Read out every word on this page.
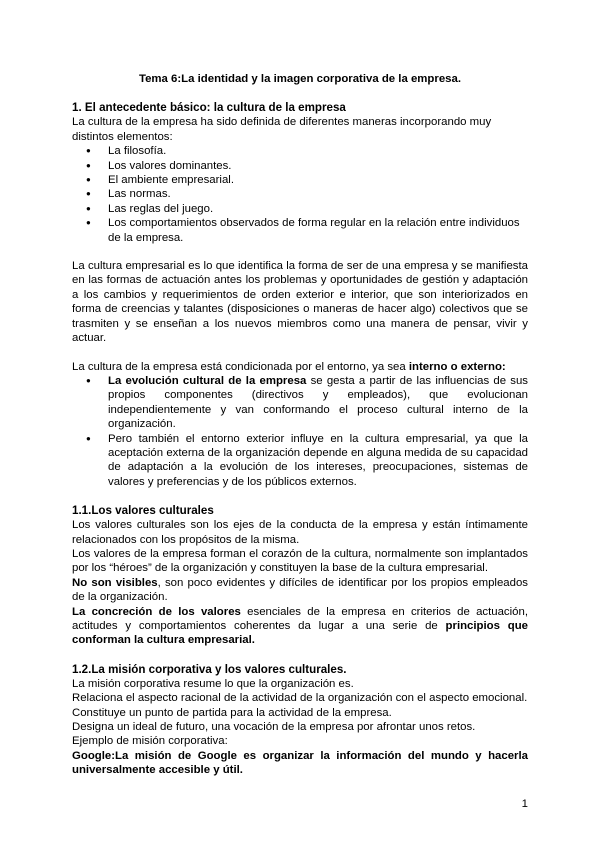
Tema 6:La identidad y la imagen corporativa de la empresa.

1. El antecedente básico: la cultura de la empresa

La cultura de la empresa ha sido definida de diferentes maneras incorporando muy distintos elementos:

● La filosofía.
● Los valores dominantes.
● El ambiente empresarial.
● Las normas.
● Las reglas del juego.
● Los comportamientos observados de forma regular en la relación entre individuos de la empresa.

La cultura empresarial es lo que identifica la forma de ser de una empresa y se manifiesta en las formas de actuación antes los problemas y oportunidades de gestión y adaptación a los cambios y requerimientos de orden exterior e interior, que son interiorizados en forma de creencias y talantes (disposiciones o maneras de hacer algo) colectivos que se trasmiten y se enseñan a los nuevos miembros como una manera de pensar, vivir y actuar.

La cultura de la empresa está condicionada por el entorno, ya sea interno o externo:

● La evolución cultural de la empresa se gesta a partir de las influencias de sus propios componentes (directivos y empleados), que evolucionan independientemente y van conformando el proceso cultural interno de la organización.
● Pero también el entorno exterior influye en la cultura empresarial, ya que la aceptación externa de la organización depende en alguna medida de su capacidad de adaptación a la evolución de los intereses, preocupaciones, sistemas de valores y preferencias y de los públicos externos.
1.1.Los valores culturales

Los valores culturales son los ejes de la conducta de la empresa y están íntimamente relacionados con los propósitos de la misma.

Los valores de la empresa forman el corazón de la cultura, normalmente son implantados por los “héroes” de la organización y constituyen la base de la cultura empresarial.

No son visibles, son poco evidentes y difíciles de identificar por los propios empleados de la organización.

La concreción de los valores esenciales de la empresa en criterios de actuación, actitudes y comportamientos coherentes da lugar a una serie de principios que conforman la cultura empresarial.

1.2.La misión corporativa y los valores culturales.

La misión corporativa resume lo que la organización es.

Relaciona el aspecto racional de la actividad de la organización con el aspecto emocional.

Constituye un punto de partida para la actividad de la empresa.

Designa un ideal de futuro, una vocación de la empresa por afrontar unos retos.

Ejemplo de misión corporativa:

Google:La misión de Google es organizar la información del mundo y hacerla universalmente accesible y útil.

1
